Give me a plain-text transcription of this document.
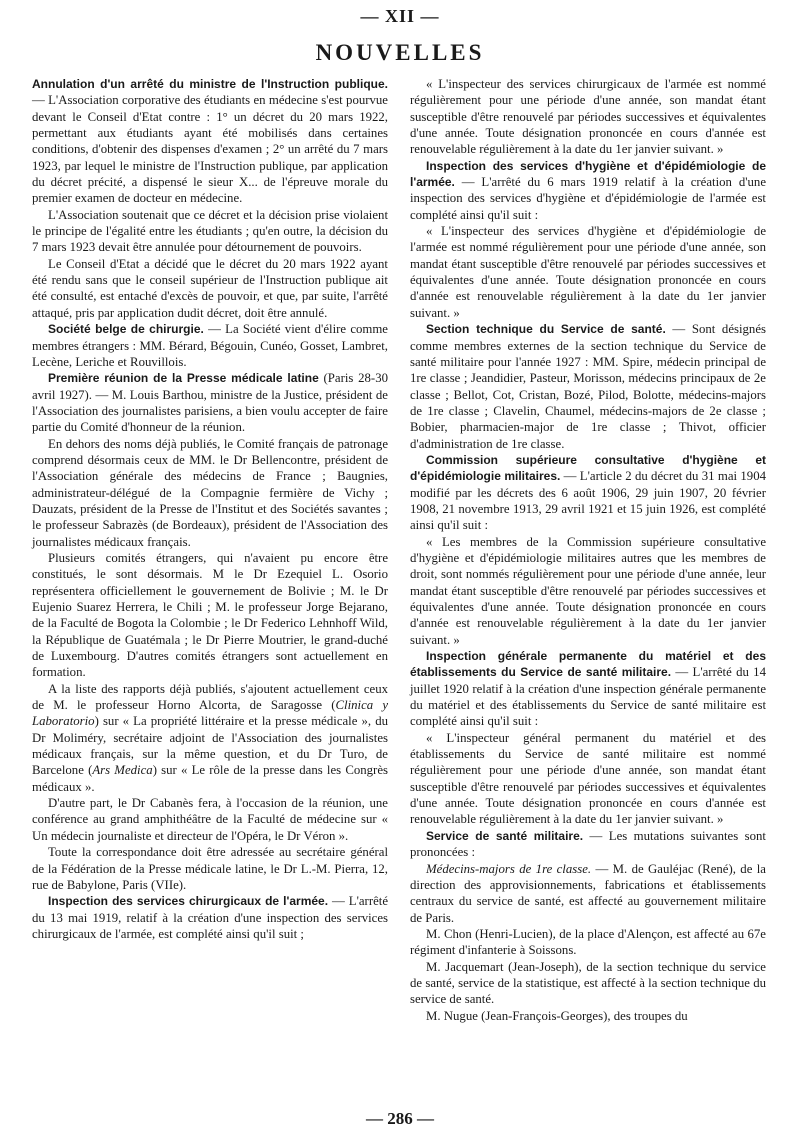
— XII —
NOUVELLES

Annulation d'un arrêté du ministre de l'Instruction publique. — L'Association corporative des étudiants en médecine s'est pourvue devant le Conseil d'Etat contre : 1° un décret du 20 mars 1922, permettant aux étudiants ayant été mobilisés dans certaines conditions, d'obtenir des dispenses d'examen ; 2° un arrêté du 7 mars 1923, par lequel le ministre de l'Instruction publique, par application du décret précité, a dispensé le sieur X... de l'épreuve morale du premier examen de docteur en médecine.

L'Association soutenait que ce décret et la décision prise violaient le principe de l'égalité entre les étudiants ; qu'en outre, la décision du 7 mars 1923 devait être annulée pour détournement de pouvoirs.

Le Conseil d'Etat a décidé que le décret du 20 mars 1922 ayant été rendu sans que le conseil supérieur de l'Instruction publique ait été consulté, est entaché d'excès de pouvoir, et que, par suite, l'arrêté attaqué, pris par application dudit décret, doit être annulé.

Société belge de chirurgie. — La Société vient d'élire comme membres étrangers : MM. Bérard, Bégouin, Cunéo, Gosset, Lambret, Lecène, Leriche et Rouvillois.

Première réunion de la Presse médicale latine (Paris 28-30 avril 1927). — M. Louis Barthou, ministre de la Justice, président de l'Association des journalistes parisiens, a bien voulu accepter de faire partie du Comité d'honneur de la réunion.

En dehors des noms déjà publiés, le Comité français de patronage comprend désormais ceux de MM. le Dr Bellencontre, président de l'Association générale des médecins de France ; Baugnies, administrateur-délégué de la Compagnie fermière de Vichy ; Dauzats, président de la Presse de l'Institut et des Sociétés savantes ; le professeur Sabrazès (de Bordeaux), président de l'Association des journalistes médicaux français.

Plusieurs comités étrangers, qui n'avaient pu encore être constitués, le sont désormais. M le Dr Ezequiel L. Osorio représentera officiellement le gouvernement de Bolivie ; M. le Dr Eujenio Suarez Herrera, le Chili ; M. le professeur Jorge Bejarano, de la Faculté de Bogota la Colombie ; le Dr Federico Lehnhoff Wild, la République de Guatémala ; le Dr Pierre Moutrier, le grand-duché de Luxembourg. D'autres comités étrangers sont actuellement en formation.

A la liste des rapports déjà publiés, s'ajoutent actuellement ceux de M. le professeur Horno Alcorta, de Saragosse (Clinica y Laboratorio) sur « La propriété littéraire et la presse médicale », du Dr Moliméry, secrétaire adjoint de l'Association des journalistes médicaux français, sur la même question, et du Dr Turo, de Barcelone (Ars Medica) sur « Le rôle de la presse dans les Congrès médicaux ».

D'autre part, le Dr Cabanès fera, à l'occasion de la réunion, une conférence au grand amphithéâtre de la Faculté de médecine sur « Un médecin journaliste et directeur de l'Opéra, le Dr Véron ».

Toute la correspondance doit être adressée au secrétaire général de la Fédération de la Presse médicale latine, le Dr L.-M. Pierra, 12, rue de Babylone, Paris (VIIe).

Inspection des services chirurgicaux de l'armée. — L'arrêté du 13 mai 1919, relatif à la création d'une inspection des services chirurgicaux de l'armée, est complété ainsi qu'il suit ;

« L'inspecteur des services chirurgicaux de l'armée est nommé régulièrement pour une période d'une année, son mandat étant susceptible d'être renouvelé par périodes successives et équivalentes d'une année. Toute désignation prononcée en cours d'année est renouvelable régulièrement à la date du 1er janvier suivant. »

Inspection des services d'hygiène et d'épidémiologie de l'armée. — L'arrêté du 6 mars 1919 relatif à la création d'une inspection des services d'hygiène et d'épidémiologie de l'armée est complété ainsi qu'il suit :

« L'inspecteur des services d'hygiène et d'épidémiologie de l'armée est nommé régulièrement pour une période d'une année, son mandat étant susceptible d'être renouvelé par périodes successives et équivalentes d'une année. Toute désignation prononcée en cours d'année est renouvelable régulièrement à la date du 1er janvier suivant. »

Section technique du Service de santé. — Sont désignés comme membres externes de la section technique du Service de santé militaire pour l'année 1927 : MM. Spire, médecin principal de 1re classe ; Jeandidier, Pasteur, Morisson, médecins principaux de 2e classe ; Bellot, Cot, Cristan, Bozé, Pilod, Bolotte, médecins-majors de 1re classe ; Clavelin, Chaumel, médecins-majors de 2e classe ; Bobier, pharmacien-major de 1re classe ; Thivot, officier d'administration de 1re classe.

Commission supérieure consultative d'hygiène et d'épidémiologie militaires. — L'article 2 du décret du 31 mai 1904 modifié par les décrets des 6 août 1906, 29 juin 1907, 20 février 1908, 21 novembre 1913, 29 avril 1921 et 15 juin 1926, est complété ainsi qu'il suit :

« Les membres de la Commission supérieure consultative d'hygiène et d'épidémiologie militaires autres que les membres de droit, sont nommés régulièrement pour une période d'une année, leur mandat étant susceptible d'être renouvelé par périodes successives et équivalentes d'une année. Toute désignation prononcée en cours d'année est renouvelable régulièrement à la date du 1er janvier suivant. »

Inspection générale permanente du matériel et des établissements du Service de santé militaire. — L'arrêté du 14 juillet 1920 relatif à la création d'une inspection générale permanente du matériel et des établissements du Service de santé militaire est complété ainsi qu'il suit :

« L'inspecteur général permanent du matériel et des établissements du Service de santé militaire est nommé régulièrement pour une période d'une année, son mandat étant susceptible d'être renouvelé par périodes successives et équivalentes d'une année. Toute désignation prononcée en cours d'année est renouvelable régulièrement à la date du 1er janvier suivant. »

Service de santé militaire. — Les mutations suivantes sont prononcées :

Médecins-majors de 1re classe. — M. de Gauléjac (René), de la direction des approvisionnements, fabrications et établissements centraux du service de santé, est affecté au gouvernement militaire de Paris.

M. Chon (Henri-Lucien), de la place d'Alençon, est affecté au 67e régiment d'infanterie à Soissons.

M. Jacquemart (Jean-Joseph), de la section technique du service de santé, service de la statistique, est affecté à la section technique du service de santé.

M. Nugue (Jean-François-Georges), des troupes du

— 286 —
